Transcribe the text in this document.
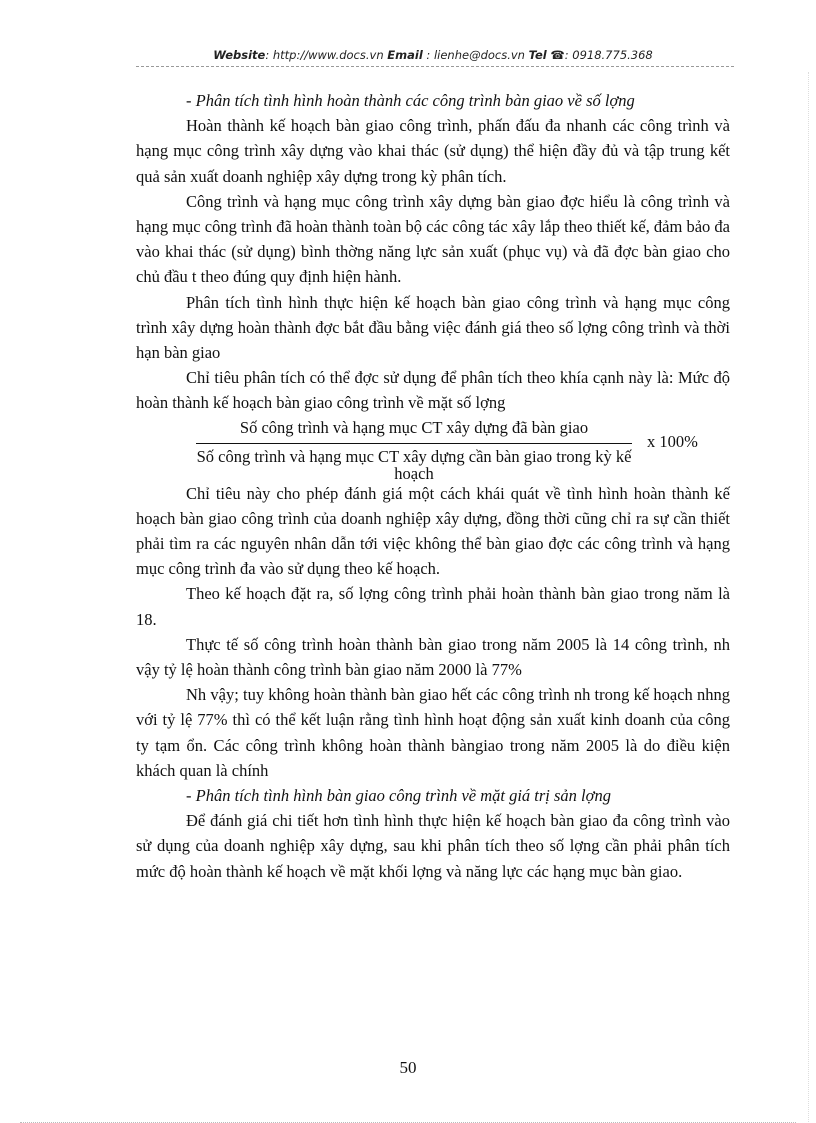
Website: http://www.docs.vn Email : lienhe@docs.vn Tel ☎: 0918.775.368

- Phân tích tình hình hoàn thành các công trình bàn giao về số lợng

Hoàn thành kế hoạch bàn giao công trình, phấn đấu đa nhanh các công trình và hạng mục công trình xây dựng vào khai thác (sử dụng) thể hiện đầy đủ và tập trung kết quả sản xuất doanh nghiệp xây dựng trong kỳ phân tích.

Công trình và hạng mục công trình xây dựng bàn giao đợc hiểu là công trình và hạng mục công trình đã hoàn thành toàn bộ các công tác xây lắp theo thiết kế, đảm bảo đa vào khai thác (sử dụng) bình thờng năng lực sản xuất (phục vụ) và đã đợc bàn giao cho chủ đầu t theo đúng quy định hiện hành.

Phân tích tình hình thực hiện kế hoạch bàn giao công trình và hạng mục công trình xây dựng hoàn thành đợc bắt đầu bằng việc đánh giá theo số lợng công trình và thời hạn bàn giao

Chỉ tiêu phân tích có thể đợc sử dụng để phân tích theo khía cạnh này là: Mức độ hoàn thành kế hoạch bàn giao công trình về mặt số lợng

Số công trình và hạng mục CT xây dựng đã bàn giao
Số công trình và hạng mục CT xây dựng cần bàn giao trong kỳ kế hoạch
x 100%

Chỉ tiêu này cho phép đánh giá một cách khái quát về tình hình hoàn thành kế hoạch bàn giao công trình của doanh nghiệp xây dựng, đồng thời cũng chỉ ra sự cần thiết phải tìm ra các nguyên nhân dẫn tới việc không thể bàn giao đợc các công trình và hạng mục công trình đa vào sử dụng theo kế hoạch.

Theo kế hoạch đặt ra, số lợng công trình phải hoàn thành bàn giao trong năm là 18.

Thực tế số công trình hoàn thành bàn giao trong năm 2005 là 14 công trình, nh vậy tỷ lệ hoàn thành công trình bàn giao năm 2000 là 77%

Nh vậy; tuy không hoàn thành bàn giao hết các công trình nh trong kế hoạch nhng với tỷ lệ 77% thì có thể kết luận rằng tình hình hoạt động sản xuất kinh doanh của công ty tạm ổn. Các công trình không hoàn thành bàngiao trong năm 2005 là do điều kiện khách quan là chính

- Phân tích tình hình bàn giao công trình về mặt giá trị sản lợng

Để đánh giá chi tiết hơn tình hình thực hiện kế hoạch bàn giao đa công trình vào sử dụng của doanh nghiệp xây dựng, sau khi phân tích theo số lợng cần phải phân tích mức độ hoàn thành kế hoạch về mặt khối lợng và năng lực các hạng mục bàn giao.

50
